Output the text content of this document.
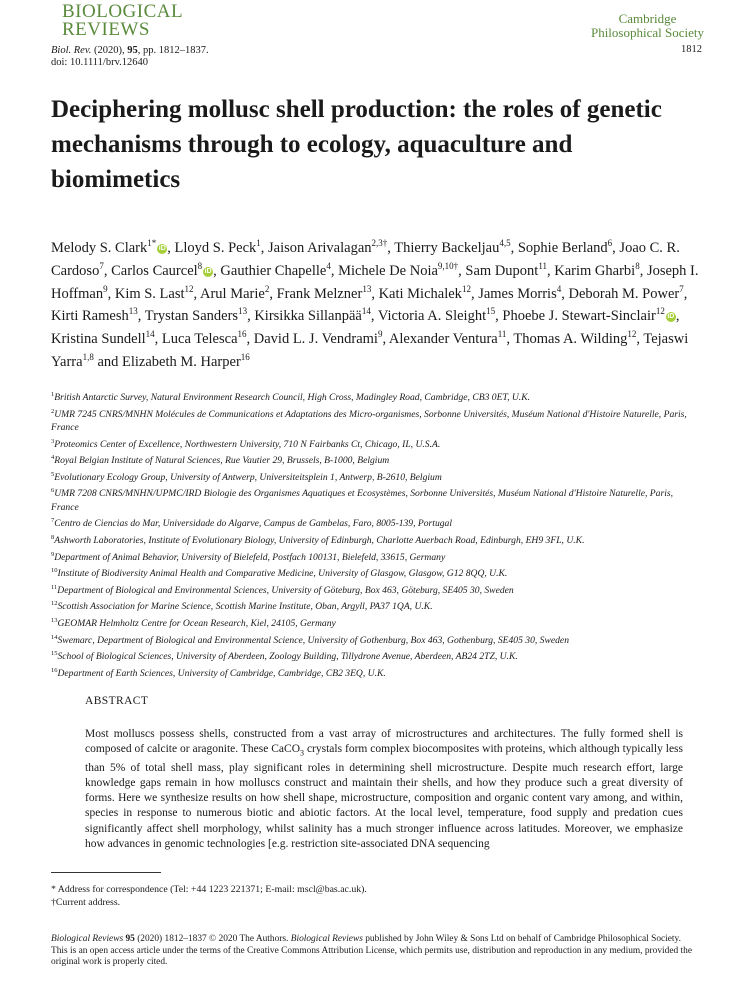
BIOLOGICAL
REVIEWS
Cambridge
Philosophical Society
Biol. Rev. (2020), 95, pp. 1812–1837.
doi: 10.1111/brv.12640
1812
Deciphering mollusc shell production: the roles of genetic mechanisms through to ecology, aquaculture and biomimetics
Melody S. Clark$^{1*}$iD , Lloyd S. Peck$^1$, Jaison Arivalagan$^{2,3\dagger}$, Thierry Backeljau$^{4,5}$, Sophie Berland$^6$, Joao C. R. Cardoso$^7$, Carlos Caurcel$^8$iD , Gauthier Chapelle$^4$, Michele De Noia$^{9,10\dagger}$, Sam Dupont$^{11}$, Karim Gharbi$^8$, Joseph I. Hoffman$^9$, Kim S. Last$^{12}$, Arul Marie$^2$, Frank Melzner$^{13}$, Kati Michalek$^{12}$, James Morris$^4$, Deborah M. Power$^7$, Kirti Ramesh$^{13}$, Trystan Sanders$^{13}$, Kirsikka Sillanpää$^{14}$, Victoria A. Sleight$^{15}$, Phoebe J. Stewart-Sinclair$^{12}$iD , Kristina Sundell$^{14}$, Luca Telesca$^{16}$, David L. J. Vendrami$^9$, Alexander Ventura$^{11}$, Thomas A. Wilding$^{12}$, Tejaswi Yarra$^{1,8}$ and Elizabeth M. Harper$^{16}$
$^1$British Antarctic Survey, Natural Environment Research Council, High Cross, Madingley Road, Cambridge, CB3 0ET, U.K.
$^2$UMR 7245 CNRS/MNHN Molécules de Communications et Adaptations des Micro-organismes, Sorbonne Universités, Muséum National d'Histoire Naturelle, Paris, France
$^3$Proteomics Center of Excellence, Northwestern University, 710 N Fairbanks Ct, Chicago, IL, U.S.A.
$^4$Royal Belgian Institute of Natural Sciences, Rue Vautier 29, Brussels, B-1000, Belgium
$^5$Evolutionary Ecology Group, University of Antwerp, Universiteitsplein 1, Antwerp, B-2610, Belgium
$^6$UMR 7208 CNRS/MNHN/UPMC/IRD Biologie des Organismes Aquatiques et Ecosystèmes, Sorbonne Universités, Muséum National d'Histoire Naturelle, Paris, France
$^7$Centro de Ciencias do Mar, Universidade do Algarve, Campus de Gambelas, Faro, 8005-139, Portugal
$^8$Ashworth Laboratories, Institute of Evolutionary Biology, University of Edinburgh, Charlotte Auerbach Road, Edinburgh, EH9 3FL, U.K.
$^9$Department of Animal Behavior, University of Bielefeld, Postfach 100131, Bielefeld, 33615, Germany
$^{10}$Institute of Biodiversity Animal Health and Comparative Medicine, University of Glasgow, Glasgow, G12 8QQ, U.K.
$^{11}$Department of Biological and Environmental Sciences, University of Göteburg, Box 463, Göteburg, SE405 30, Sweden
$^{12}$Scottish Association for Marine Science, Scottish Marine Institute, Oban, Argyll, PA37 1QA, U.K.
$^{13}$GEOMAR Helmholtz Centre for Ocean Research, Kiel, 24105, Germany
$^{14}$Swemarc, Department of Biological and Environmental Science, University of Gothenburg, Box 463, Gothenburg, SE405 30, Sweden
$^{15}$School of Biological Sciences, University of Aberdeen, Zoology Building, Tillydrone Avenue, Aberdeen, AB24 2TZ, U.K.
$^{16}$Department of Earth Sciences, University of Cambridge, Cambridge, CB2 3EQ, U.K.
ABSTRACT
Most molluscs possess shells, constructed from a vast array of microstructures and architectures. The fully formed shell is composed of calcite or aragonite. These CaCO$_3$ crystals form complex biocomposites with proteins, which although typically less than 5% of total shell mass, play significant roles in determining shell microstructure. Despite much research effort, large knowledge gaps remain in how molluscs construct and maintain their shells, and how they produce such a great diversity of forms. Here we synthesize results on how shell shape, microstructure, composition and organic content vary among, and within, species in response to numerous biotic and abiotic factors. At the local level, temperature, food supply and predation cues significantly affect shell morphology, whilst salinity has a much stronger influence across latitudes. Moreover, we emphasize how advances in genomic technologies [e.g. restriction site-associated DNA sequencing
* Address for correspondence (Tel: +44 1223 221371; E-mail: mscl@bas.ac.uk).
†Current address.
Biological Reviews 95 (2020) 1812–1837 © 2020 The Authors. Biological Reviews published by John Wiley & Sons Ltd on behalf of Cambridge Philosophical Society.
This is an open access article under the terms of the Creative Commons Attribution License, which permits use, distribution and reproduction in any medium, provided the original work is properly cited.
